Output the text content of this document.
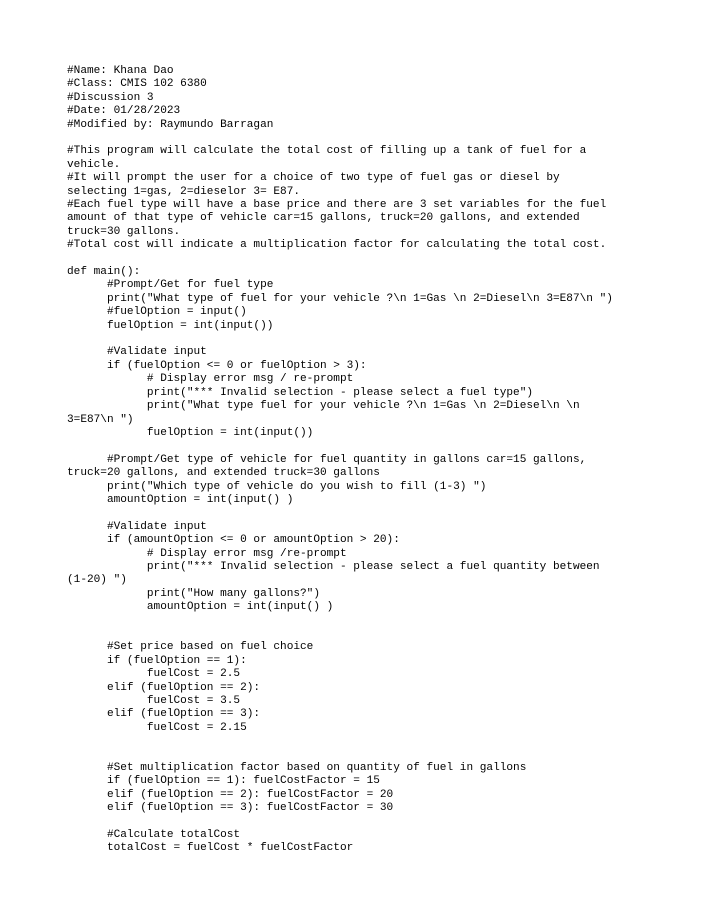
#Name: Khana Dao
#Class: CMIS 102 6380
#Discussion 3
#Date: 01/28/2023
#Modified by: Raymundo Barragan
#This program will calculate the total cost of filling up a tank of fuel for a
vehicle.
#It will prompt the user for a choice of two type of fuel gas or diesel by
selecting 1=gas, 2=dieselor 3= E87.
#Each fuel type will have a base price and there are 3 set variables for the fuel
amount of that type of vehicle car=15 gallons, truck=20 gallons, and extended
truck=30 gallons.
#Total cost will indicate a multiplication factor for calculating the total cost.
def main():
#Prompt/Get for fuel type
print("What type of fuel for your vehicle ?\n 1=Gas \n 2=Diesel\n 3=E87\n ")
#fuelOption = input()
fuelOption = int(input())
#Validate input
if (fuelOption <= 0 or fuelOption > 3):
# Display error msg / re-prompt
print("*** Invalid selection - please select a fuel type")
print("What type fuel for your vehicle ?\n 1=Gas \n 2=Diesel\n \n
3=E87\n ")
fuelOption = int(input())
#Prompt/Get type of vehicle for fuel quantity in gallons car=15 gallons,
truck=20 gallons, and extended truck=30 gallons
print("Which type of vehicle do you wish to fill (1-3) ")
amountOption = int(input() )
#Validate input
if (amountOption <= 0 or amountOption > 20):
# Display error msg /re-prompt
print("*** Invalid selection - please select a fuel quantity between
(1-20) ")
print("How many gallons?")
amountOption = int(input() )
#Set price based on fuel choice
if (fuelOption == 1):
fuelCost = 2.5
elif (fuelOption == 2):
fuelCost = 3.5
elif (fuelOption == 3):
fuelCost = 2.15
#Set multiplication factor based on quantity of fuel in gallons
if (fuelOption == 1): fuelCostFactor = 15
elif (fuelOption == 2): fuelCostFactor = 20
elif (fuelOption == 3): fuelCostFactor = 30
#Calculate totalCost
totalCost = fuelCost * fuelCostFactor
